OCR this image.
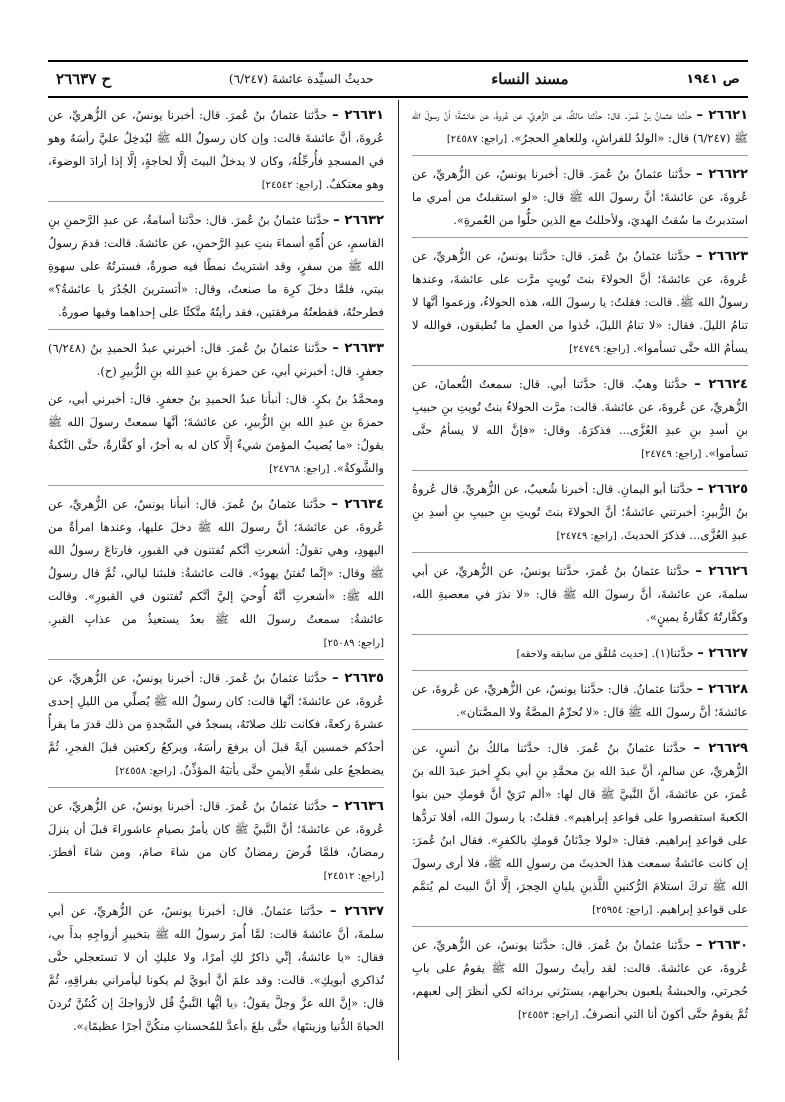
ص ١٩٤١
مسند النساء
حديثُ السيِّدة عائشةَ (٦/٢٤٧)
ح ٢٦٦٣٧
٢٦٦٢١ – حدَّثنا عثمانُ بنُ عُمرَ. قال: حدَّثنا مالكٌ، عن الزُّهريِّ، عن عُروةَ، عن عائشةَ؛ أنَّ رسولَ الله ﷺ (٦/٢٤٧) قال: «الولدُ للفراشِ، وللعاهرِ الحجرُ». [راجع: ٢٤٥٨٧]
٢٦٦٢٢ – حدَّثنا عثمانُ بنُ عُمرَ. قال: أخبرنا يونسُ، عن الزُّهريِّ، عن عُروةَ، عن عائشةَ؛ أنَّ رسولَ الله ﷺ قال: «لو استقبلتُ من أمري ما استدبرتُ ما سُقتُ الهديَ، ولأحللتُ مع الذين حلُّوا من العُمرةِ».
٢٦٦٢٣ – حدَّثنا عثمانُ بنُ عُمرَ. قال: حدَّثنا يونسُ، عن الزُّهريِّ، عن عُروةَ، عن عائشةَ؛ أنَّ الحولاءَ بنتَ تُويتٍ مرَّت على عائشةَ، وعندها رسولُ الله ﷺ. قالت: فقلتُ: يا رسولَ الله، هذه الحولاءُ، وزعموا أنَّها لا تنامُ الليلَ. فقال: «لا تنامُ الليلَ، خُذوا من العملِ ما تُطيقون، فوالله لا يسأمُ الله حتَّى تسأموا». [راجع: ٢٤٧٤٩]
٢٦٦٢٤ – حدَّثنا وهبٌ. قال: حدَّثنا أبي. قال: سمعتُ النُّعمانَ، عن الزُّهريِّ، عن عُروةَ، عن عائشةَ. قالت: مرَّت الحولاءُ بنتُ تُويتِ بنِ حبيبِ بنِ أسدِ بنِ عبدِ العُزَّى... فذكرَهُ. وقال: «فإنَّ الله لا يسأمُ حتَّى تسأموا». [راجع: ٢٤٧٤٩]
٢٦٦٢٥ – حدَّثنا أبو اليمانِ. قال: أخبرنا شُعيبٌ، عن الزُّهريِّ. قال عُروةُ بنُ الزُّبيرِ: أخبرتني عائشةُ؛ أنَّ الحولاءَ بنتَ تُويتِ بنِ حبيبِ بنِ أسدِ بنِ عبدِ العُزَّى... فذكرَ الحديثَ. [راجع: ٢٤٧٤٩]
٢٦٦٢٦ – حدَّثنا عثمانُ بنُ عُمرَ، حدَّثنا يونسُ، عن الزُّهريِّ، عن أبي سلمةَ، عن عائشةَ، أنَّ رسولَ الله ﷺ قال: «لا نذرَ في معصيةِ الله، وكفَّارتُهُ كفَّارةُ يمينٍ».
٢٦٦٢٧ – حدَّثنا(١). [حديث مُلفَّق من سابقه ولاحقه]
٢٦٦٢٨ – حدَّثنا عثمانُ. قال: حدَّثنا يونسُ، عن الزُّهريِّ، عن عُروةَ، عن عائشةَ؛ أنَّ رسولَ الله ﷺ قال: «لا تُحرِّمُ المصَّةُ ولا المصَّتان».
٢٦٦٢٩ – حدَّثنا عثمانُ بنُ عُمرَ. قال: حدَّثنا مالكُ بنُ أنسٍ، عن الزُّهريِّ، عن سالمٍ، أنَّ عبدَ الله بنَ محمَّدِ بنِ أبي بكرٍ أخبرَ عبدَ الله بنَ عُمرَ، عن عائشةَ، أنَّ النَّبيَّ ﷺ قال لها: «ألم تَرَيْ أنَّ قومكِ حين بنوا الكعبةَ استقصروا على قواعدِ إبراهيم». فقلتُ: يا رسولَ الله، أفلا تردُّها على قواعدِ إبراهيم. فقال: «لولا حِدْثانُ قومكِ بالكفرِ». فقال ابنُ عُمرَ: إن كانت عائشةُ سمعت هذا الحديثَ من رسولِ الله ﷺ، فلا أرى رسولَ الله ﷺ تركَ استلامَ الرُّكنينِ اللَّذينِ يليانِ الحِجرَ، إلَّا أنَّ البيتَ لم يُتمَّم على قواعدِ إبراهيم. [راجع: ٢٥٩٥٤]
٢٦٦٣٠ – حدَّثنا عثمانُ بنُ عُمرَ. قال: حدَّثنا يونسُ، عن الزُّهريِّ، عن عُروةَ، عن عائشةَ. قالت: لقد رأيتُ رسولَ الله ﷺ يقومُ على بابِ حُجرتي، والحبشةُ يلعبون بحرابهم، يسترُني بردائه لكي أنظرَ إلى لعبهم، ثُمَّ يقومُ حتَّى أكونَ أنا التي أنصرفُ. [راجع: ٢٤٥٥٣]
٢٦٦٣١ – حدَّثنا عثمانُ بنُ عُمرَ. قال: أخبرنا يونسُ، عن الزُّهريِّ، عن عُروةَ، أنَّ عائشةَ قالت: وإن كان رسولُ الله ﷺ ليُدخِلُ عليَّ رأسَهُ وهو في المسجدِ فأُرجِّلُهُ، وكان لا يدخلُ البيتَ إلَّا لحاجةٍ، إلَّا إذا أرادَ الوضوءَ، وهو معتكفٌ. [راجع: ٢٤٥٤٢]
٢٦٦٣٢ – حدَّثنا عثمانُ بنُ عُمرَ. قال: حدَّثنا أسامةُ، عن عبدِ الرَّحمنِ بنِ القاسمِ، عن أُمِّهِ أسماءَ بنتِ عبدِ الرَّحمنِ، عن عائشةَ. قالت: قدمَ رسولُ الله ﷺ من سفرٍ، وقد اشتريتُ نمطًا فيه صورةٌ، فسترتُهُ على سهوةِ بيتي، فلمَّا دخلَ كرِهَ ما صنعتُ، وقال: «أتسترينَ الجُدُرَ يا عائشةُ؟» فطرحتُهُ، فقطعتُهُ مرفقتين، فقد رأيتُهُ متَّكئًا على إحداهما وفيها صورةٌ.
٢٦٦٣٣ – حدَّثنا عثمانُ بنُ عُمرَ. قال: أخبرني عبدُ الحميدِ بنُ (٦/٢٤٨) جعفرٍ. قال: أخبرني أبي، عن حمزةَ بنِ عبدِ الله بنِ الزُّبيرِ (ح).
ومحمَّدُ بنُ بكرٍ. قال: أنبأنا عبدُ الحميدِ بنُ جعفرٍ. قال: أخبرني أبي، عن حمزةَ بنِ عبدِ الله بنِ الزُّبيرِ، عن عائشةَ؛ أنَّها سمعتْ رسولَ الله ﷺ يقولُ: «ما يُصيبُ المؤمنَ شيءٌ إلَّا كان له به أجرٌ، أو كفَّارةٌ، حتَّى النَّكبةُ والشَّوكةُ». [راجع: ٢٤٧٦٨]
٢٦٦٣٤ – حدَّثنا عثمانُ بنُ عُمرَ. قال: أنبأنا يونسُ، عن الزُّهريِّ، عن عُروةَ، عن عائشةَ؛ أنَّ رسولَ الله ﷺ دخلَ عليها، وعندها امرأةٌ من اليهودِ، وهي تقولُ: أشعرتِ أنَّكم تُفتنون في القبورِ، فارتاعَ رسولُ الله ﷺ وقال: «إنَّما تُفتنُ يهودُ». قالت عائشةُ: فلبثنا ليالي، ثُمَّ قال رسولُ الله ﷺ: «أشعرتِ أنَّهُ أُوحيَ إليَّ أنَّكم تُفتنون في القبورِ». وقالت عائشةُ: سمعتُ رسولَ الله ﷺ بعدُ يستعيذُ من عذابِ القبرِ. [راجع: ٢٥٠٨٩]
٢٦٦٣٥ – حدَّثنا عثمانُ بنُ عُمرَ. قال: أخبرنا يونسُ، عن الزُّهريِّ، عن عُروةَ، عن عائشةَ؛ أنَّها قالت: كان رسولُ الله ﷺ يُصلِّي من الليلِ إحدى عشرةَ ركعةً، فكانت تلك صلاتَهُ، يسجدُ في السَّجدةِ من ذلك قدرَ ما يقرأُ أحدُكم خمسين آيةً قبلَ أن يرفعَ رأسَهُ، ويركعُ ركعتين قبلَ الفجرِ، ثُمَّ يضطجعُ على شقِّهِ الأيمنِ حتَّى يأتيَهُ المؤذِّنُ. [راجع: ٢٤٥٥٨]
٢٦٦٣٦ – حدَّثنا عثمانُ بنُ عُمرَ. قال: أخبرنا يونسُ، عن الزُّهريِّ، عن عُروةَ، عن عائشةَ؛ أنَّ النَّبيَّ ﷺ كان يأمرُ بصيامِ عاشوراءَ قبلَ أن ينزلَ رمضانُ، فلمَّا فُرضَ رمضانُ كان من شاءَ صامَ، ومن شاءَ أفطرَ. [راجع: ٢٤٥١٢]
٢٦٦٣٧ – حدَّثنا عثمانُ. قال: أخبرنا يونسُ، عن الزُّهريِّ، عن أبي سلمةَ، أنَّ عائشةَ قالت: لمَّا أُمرَ رسولُ الله ﷺ بتخييرِ أزواجِهِ بدأَ بي، فقال: «يا عائشةُ، إنِّي ذاكرٌ لكِ أمرًا، ولا عليكِ أن لا تستعجلي حتَّى تُذاكري أبويكِ». قالت: وقد علمَ أنَّ أبويَّ لم يكونا ليأمراني بفراقِهِ، ثُمَّ قال: «إنَّ الله عزَّ وجلَّ يقولُ: ﴿يا أيُّها النَّبيُّ قُل لأزواجكَ إن كُنتُنَّ تُردنَ الحياةَ الدُّنيا وزينتَها﴾ حتَّى بلغَ ﴿أعدَّ للمُحسناتِ منكُنَّ أجرًا عظيمًا﴾».
